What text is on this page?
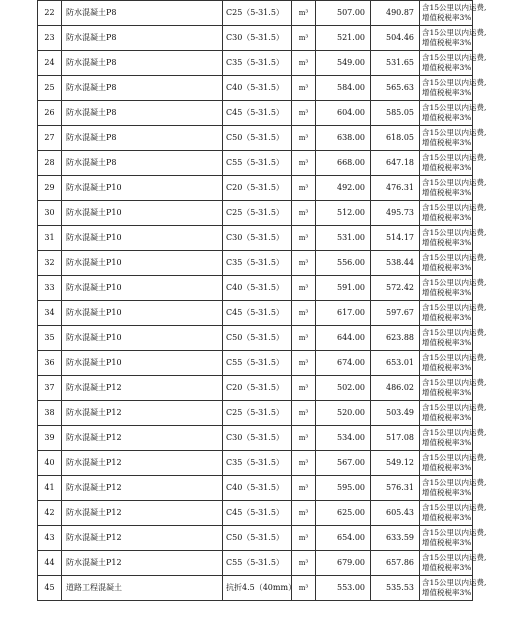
22	防水混凝土P8	C25（5-31.5）	m³	507.00	490.87	含15公里以内运费,
增值税税率3%

23	防水混凝土P8	C30（5-31.5）	m³	521.00	504.46	含15公里以内运费,
增值税税率3%

24	防水混凝土P8	C35（5-31.5）	m³	549.00	531.65	含15公里以内运费,
增值税税率3%

25	防水混凝土P8	C40（5-31.5）	m³	584.00	565.63	含15公里以内运费,
增值税税率3%

26	防水混凝土P8	C45（5-31.5）	m³	604.00	585.05	含15公里以内运费,
增值税税率3%

27	防水混凝土P8	C50（5-31.5）	m³	638.00	618.05	含15公里以内运费,
增值税税率3%

28	防水混凝土P8	C55（5-31.5）	m³	668.00	647.18	含15公里以内运费,
增值税税率3%

29	防水混凝土P10	C20（5-31.5）	m³	492.00	476.31	含15公里以内运费,
增值税税率3%

30	防水混凝土P10	C25（5-31.5）	m³	512.00	495.73	含15公里以内运费,
增值税税率3%

31	防水混凝土P10	C30（5-31.5）	m³	531.00	514.17	含15公里以内运费,
增值税税率3%

32	防水混凝土P10	C35（5-31.5）	m³	556.00	538.44	含15公里以内运费,
增值税税率3%

33	防水混凝土P10	C40（5-31.5）	m³	591.00	572.42	含15公里以内运费,
增值税税率3%

34	防水混凝土P10	C45（5-31.5）	m³	617.00	597.67	含15公里以内运费,
增值税税率3%

35	防水混凝土P10	C50（5-31.5）	m³	644.00	623.88	含15公里以内运费,
增值税税率3%

36	防水混凝土P10	C55（5-31.5）	m³	674.00	653.01	含15公里以内运费,
增值税税率3%

37	防水混凝土P12	C20（5-31.5）	m³	502.00	486.02	含15公里以内运费,
增值税税率3%

38	防水混凝土P12	C25（5-31.5）	m³	520.00	503.49	含15公里以内运费,
增值税税率3%

39	防水混凝土P12	C30（5-31.5）	m³	534.00	517.08	含15公里以内运费,
增值税税率3%

40	防水混凝土P12	C35（5-31.5）	m³	567.00	549.12	含15公里以内运费,
增值税税率3%

41	防水混凝土P12	C40（5-31.5）	m³	595.00	576.31	含15公里以内运费,
增值税税率3%

42	防水混凝土P12	C45（5-31.5）	m³	625.00	605.43	含15公里以内运费,
增值税税率3%

43	防水混凝土P12	C50（5-31.5）	m³	654.00	633.59	含15公里以内运费,
增值税税率3%

44	防水混凝土P12	C55（5-31.5）	m³	679.00	657.86	含15公里以内运费,
增值税税率3%

45	道路工程混凝土	抗折4.5（40mm）	m³	553.00	535.53	含15公里以内运费,
增值税税率3%
